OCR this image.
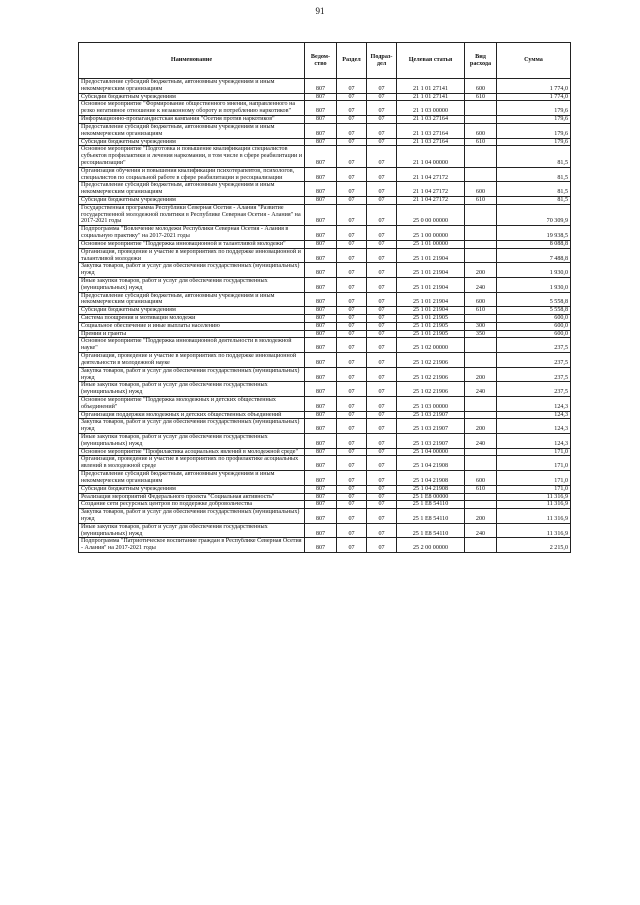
91
Наименование	Ведом-ство	Раздел	Подраз-дел	Целевая статья	Вид расхода	Сумма
Предоставление субсидий бюджетным, автономным учреждениям и иным некоммерческим организациям	807	07	07	21 1 01 27141	600	1 774,0
Субсидии бюджетным учреждениям	807	07	07	21 1 01 27141	610	1 774,0
Основное мероприятие "Формирование общественного мнения, направленного на резко негативное отношение к незаконному обороту и потреблению наркотиков"	807	07	07	21 1 03 00000		179,6
Информационно-пропагандистская кампания "Осетия против наркотиков"	807	07	07	21 1 03 27164		179,6
Предоставление субсидий бюджетным, автономным учреждениям и иным некоммерческим организациям	807	07	07	21 1 03 27164	600	179,6
Субсидии бюджетным учреждениям	807	07	07	21 1 03 27164	610	179,6
Основное мероприятие "Подготовка и повышение квалификации специалистов субъектов профилактики и лечения наркомании, в том числе в сфере реабилитации и ресоциализации"	807	07	07	21 1 04 00000		81,5
Организация обучения и повышения квалификации психотерапевтов, психологов, специалистов по социальной работе в сфере реабилитации и ресоциализации	807	07	07	21 1 04 27172		81,5
Предоставление субсидий бюджетным, автономным учреждениям и иным некоммерческим организациям	807	07	07	21 1 04 27172	600	81,5
Субсидии бюджетным учреждениям	807	07	07	21 1 04 27172	610	81,5
Государственная программа Республики Северная Осетия - Алания "Развитие государственной молодежной политики в Республике Северная Осетия - Алания" на 2017-2021 годы	807	07	07	25 0 00 00000		70 309,9
Подпрограмма "Вовлечение молодежи Республики Северная Осетия - Алания в социальную практику" на 2017-2021 годы	807	07	07	25 1 00 00000		19 938,5
Основное мероприятие "Поддержка инновационной и талантливой молодежи"	807	07	07	25 1 01 00000		8 088,8
Организация, проведение и участие в мероприятиях по поддержке инновационной и талантливой молодежи	807	07	07	25 1 01 21904		7 488,8
Закупка товаров, работ и услуг для обеспечения государственных (муниципальных) нужд	807	07	07	25 1 01 21904	200	1 930,0
Иные закупки товаров, работ и услуг для обеспечения государственных (муниципальных) нужд	807	07	07	25 1 01 21904	240	1 930,0
Предоставление субсидий бюджетным, автономным учреждениям и иным некоммерческим организациям	807	07	07	25 1 01 21904	600	5 558,8
Субсидии бюджетным учреждениям	807	07	07	25 1 01 21904	610	5 558,8
Система поощрения и мотивации молодежи	807	07	07	25 1 01 21905		600,0
Социальное обеспечение и иные выплаты населению	807	07	07	25 1 01 21905	300	600,0
Премии и гранты	807	07	07	25 1 01 21905	350	600,0
Основное мероприятие "Поддержка инновационной деятельности в молодежной науке"	807	07	07	25 1 02 00000		237,5
Организация, проведение и участие в мероприятиях по поддержке инновационной деятельности в молодежной науке	807	07	07	25 1 02 21906		237,5
Закупка товаров, работ и услуг для обеспечения государственных (муниципальных) нужд	807	07	07	25 1 02 21906	200	237,5
Иные закупки товаров, работ и услуг для обеспечения государственных (муниципальных) нужд	807	07	07	25 1 02 21906	240	237,5
Основное мероприятие "Поддержка молодежных и детских общественных объединений"	807	07	07	25 1 03 00000		124,3
Организация поддержки молодежных и детских общественных объединений	807	07	07	25 1 03 21907		124,3
Закупка товаров, работ и услуг для обеспечения государственных (муниципальных) нужд	807	07	07	25 1 03 21907	200	124,3
Иные закупки товаров, работ и услуг для обеспечения государственных (муниципальных) нужд	807	07	07	25 1 03 21907	240	124,3
Основное мероприятие "Профилактика асоциальных явлений в молодежной среде"	807	07	07	25 1 04 00000		171,0
Организация, проведение и участие в мероприятиях по профилактике асоциальных явлений в молодежной среде	807	07	07	25 1 04 21908		171,0
Предоставление субсидий бюджетным, автономным учреждениям и иным некоммерческим организациям	807	07	07	25 1 04 21908	600	171,0
Субсидии бюджетным учреждениям	807	07	07	25 1 04 21908	610	171,0
Реализация мероприятий Федерального проекта "Социальная активность"	807	07	07	25 1 E8 00000		11 316,9
Создание сети ресурсных центров по поддержке добровольчества	807	07	07	25 1 E8 54110		11 316,9
Закупка товаров, работ и услуг для обеспечения государственных (муниципальных) нужд	807	07	07	25 1 E8 54110	200	11 316,9
Иные закупки товаров, работ и услуг для обеспечения государственных (муниципальных) нужд	807	07	07	25 1 E8 54110	240	11 316,9
Подпрограмма "Патриотическое воспитание граждан в Республике Северная Осетия - Алания" на 2017-2021 годы	807	07	07	25 2 00 00000		2 215,0
